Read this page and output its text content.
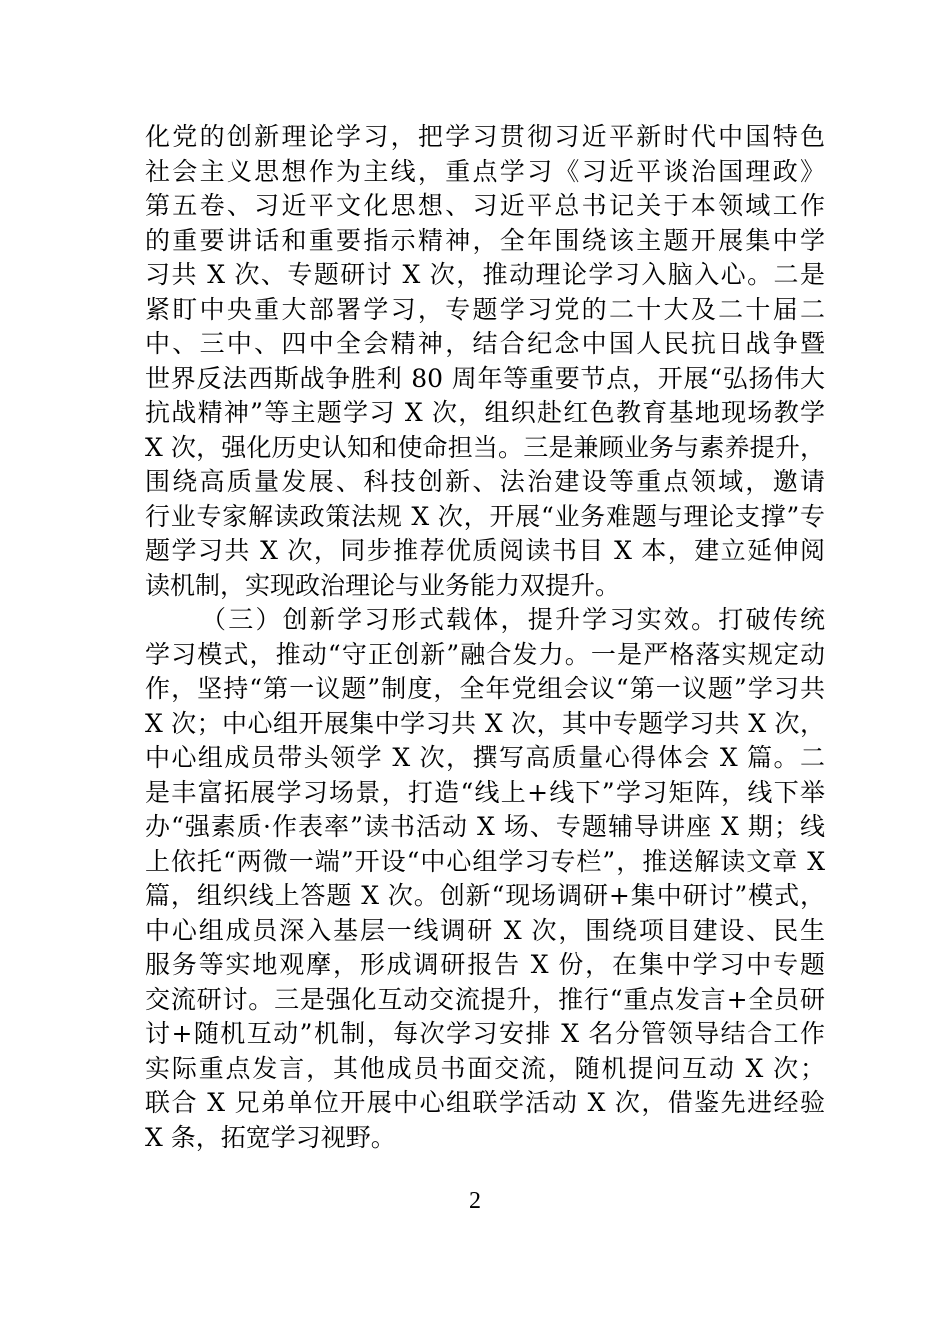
化党的创新理论学习，把学习贯彻习近平新时代中国特色
社会主义思想作为主线，重点学习《习近平谈治国理政》
第五卷、习近平文化思想、习近平总书记关于本领域工作
的重要讲话和重要指示精神，全年围绕该主题开展集中学
习共 X 次、专题研讨 X 次，推动理论学习入脑入心。二是
紧盯中央重大部署学习，专题学习党的二十大及二十届二
中、三中、四中全会精神，结合纪念中国人民抗日战争暨
世界反法西斯战争胜利 80 周年等重要节点，开展“弘扬伟大
抗战精神”等主题学习 X 次，组织赴红色教育基地现场教学
X 次，强化历史认知和使命担当。三是兼顾业务与素养提升，
围绕高质量发展、科技创新、法治建设等重点领域，邀请
行业专家解读政策法规 X 次，开展“业务难题与理论支撑”专
题学习共 X 次，同步推荐优质阅读书目 X 本，建立延伸阅
读机制，实现政治理论与业务能力双提升。
（三）创新学习形式载体，提升学习实效。打破传统
学习模式，推动“守正创新”融合发力。一是严格落实规定动
作，坚持“第一议题”制度，全年党组会议“第一议题”学习共
X 次；中心组开展集中学习共 X 次，其中专题学习共 X 次，
中心组成员带头领学 X 次，撰写高质量心得体会 X 篇。二
是丰富拓展学习场景，打造“线上+线下”学习矩阵，线下举
办“强素质·作表率”读书活动 X 场、专题辅导讲座 X 期；线
上依托“两微一端”开设“中心组学习专栏”，推送解读文章 X
篇，组织线上答题 X 次。创新“现场调研+集中研讨”模式，
中心组成员深入基层一线调研 X 次，围绕项目建设、民生
服务等实地观摩，形成调研报告 X 份，在集中学习中专题
交流研讨。三是强化互动交流提升，推行“重点发言+全员研
讨+随机互动”机制，每次学习安排 X 名分管领导结合工作
实际重点发言，其他成员书面交流，随机提问互动 X 次；
联合 X 兄弟单位开展中心组联学活动 X 次，借鉴先进经验
X 条，拓宽学习视野。
2
